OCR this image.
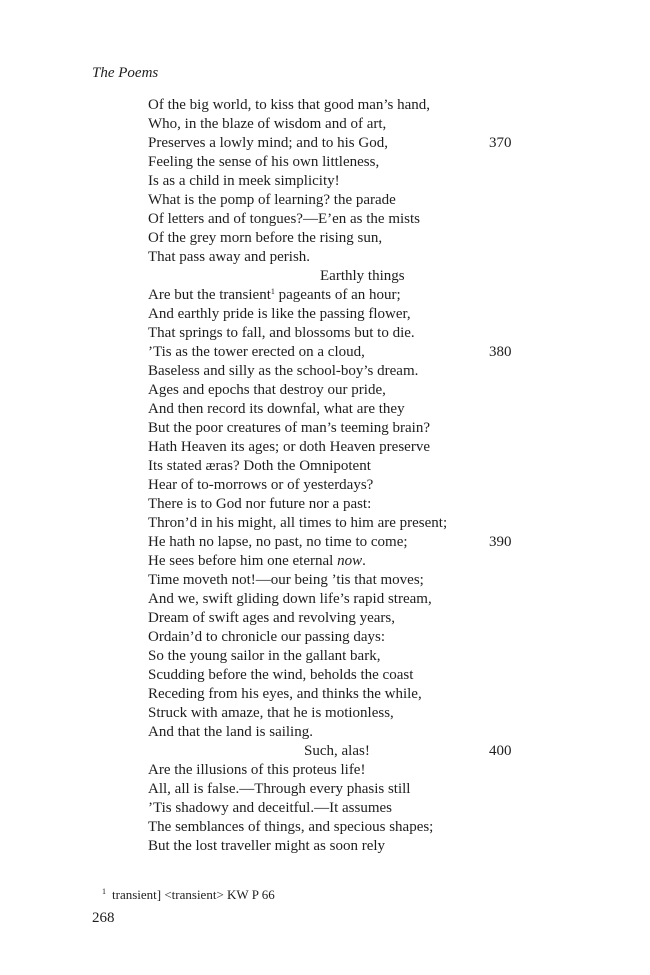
The Poems
Of the big world, to kiss that good man’s hand,
Who, in the blaze of wisdom and of art,
Preserves a lowly mind; and to his God,	370
Feeling the sense of his own littleness,
Is as a child in meek simplicity!
What is the pomp of learning? the parade
Of letters and of tongues?—E’en as the mists
Of the grey morn before the rising sun,
That pass away and perish.
Earthly things
Are but the transient$^1$ pageants of an hour;
And earthly pride is like the passing flower,
That springs to fall, and blossoms but to die.
’Tis as the tower erected on a cloud,	380
Baseless and silly as the school-boy’s dream.
Ages and epochs that destroy our pride,
And then record its downfal, what are they
But the poor creatures of man’s teeming brain?
Hath Heaven its ages; or doth Heaven preserve
Its stated æras? Doth the Omnipotent
Hear of to-morrows or of yesterdays?
There is to God nor future nor a past:
Thron’d in his might, all times to him are present;
He hath no lapse, no past, no time to come;	390
He sees before him one eternal now.
Time moveth not!—our being ’tis that moves;
And we, swift gliding down life’s rapid stream,
Dream of swift ages and revolving years,
Ordain’d to chronicle our passing days:
So the young sailor in the gallant bark,
Scudding before the wind, beholds the coast
Receding from his eyes, and thinks the while,
Struck with amaze, that he is motionless,
And that the land is sailing.
Such, alas!	400
Are the illusions of this proteus life!
All, all is false.—Through every phasis still
’Tis shadowy and deceitful.—It assumes
The semblances of things, and specious shapes;
But the lost traveller might as soon rely
$^1$ transient] <transient> KW P 66
268
